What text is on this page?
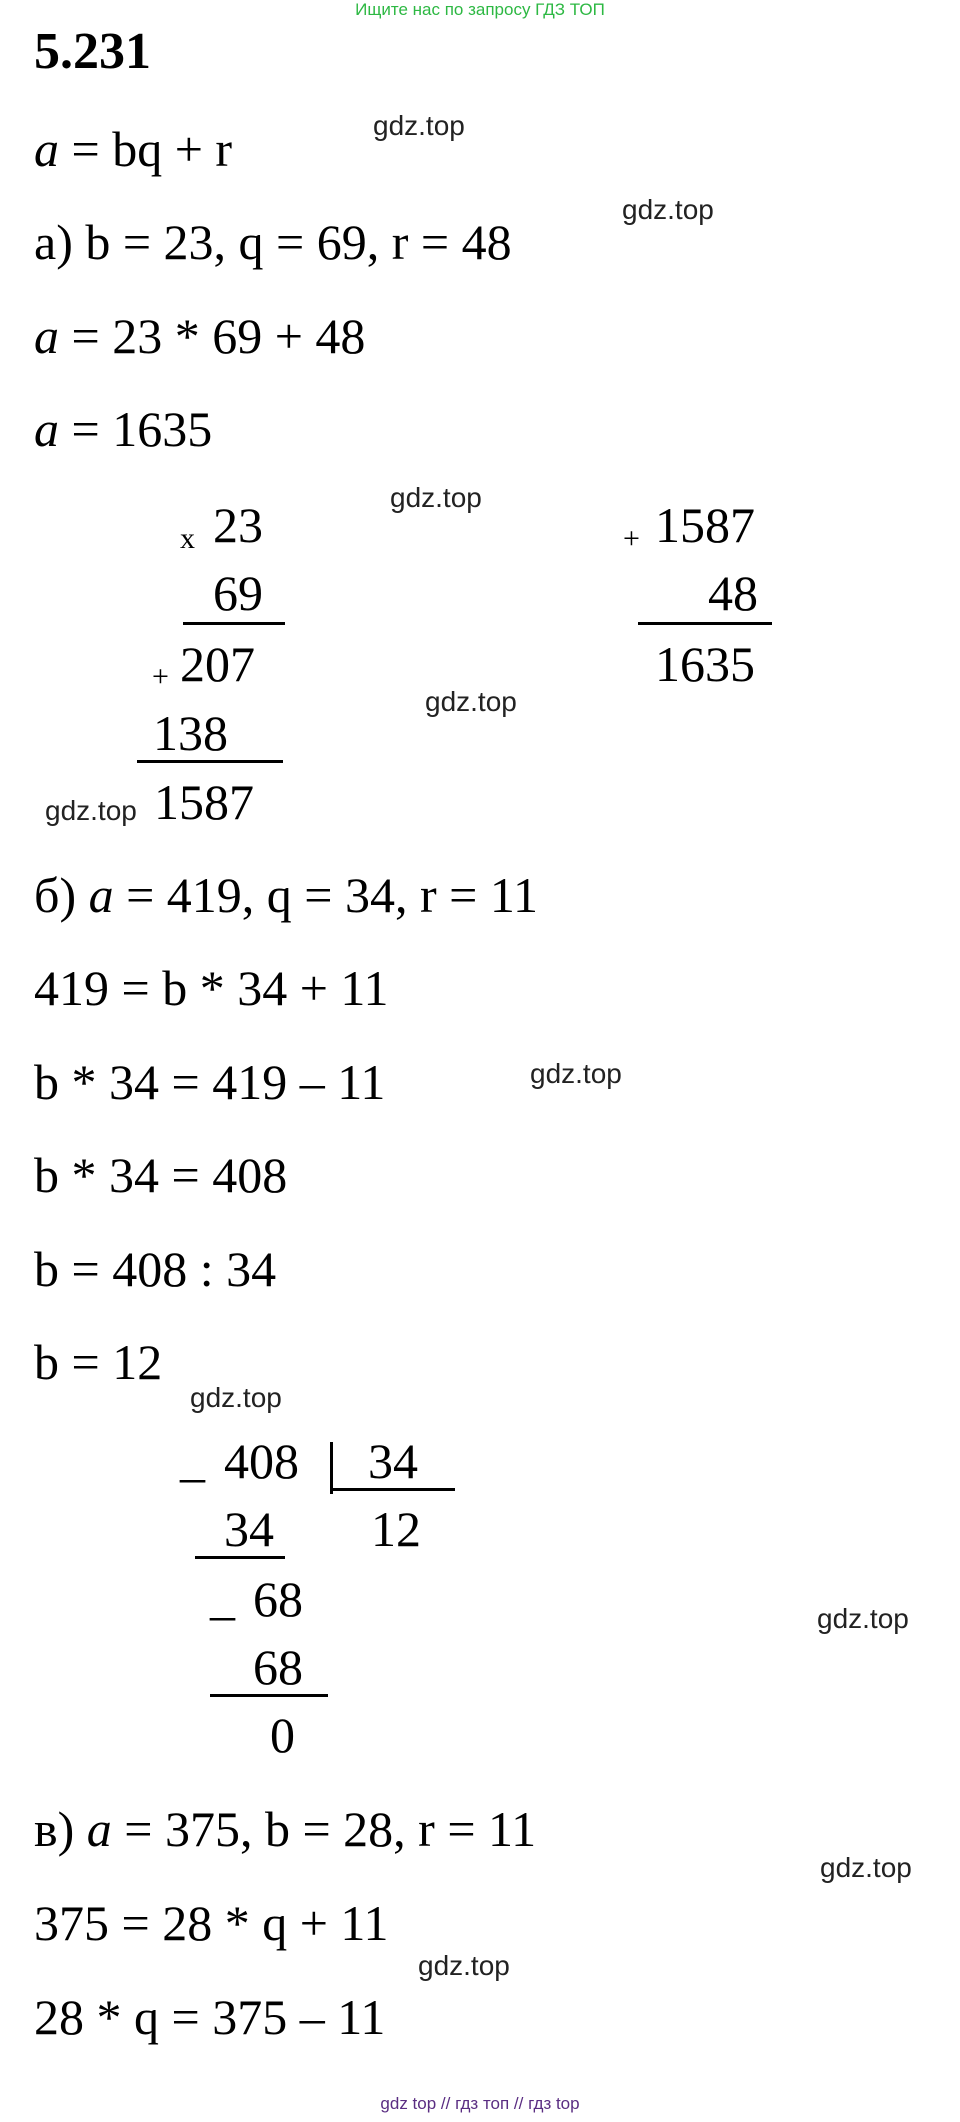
Ищите нас по запросу ГДЗ ТОП
5.231
a = bq + r
а) b = 23, q = 69, r = 48
a = 23 * 69 + 48
a = 1635
x 23
69
+ 207
138
1587
+ 1587
48
1635
б) a = 419, q = 34, r = 11
419 = b * 34 + 11
b * 34 = 419 – 11
b * 34 = 408
b = 408 : 34
b = 12
_ 408 34
12
34
_ 68
68
0
в) a = 375, b = 28, r = 11
375 = 28 * q + 11
28 * q = 375 – 11
gdz.top
gdz.top
gdz.top
gdz.top
gdz.top
gdz.top
gdz.top
gdz.top
gdz.top
gdz.top
gdz top // гдз топ // гдз top
